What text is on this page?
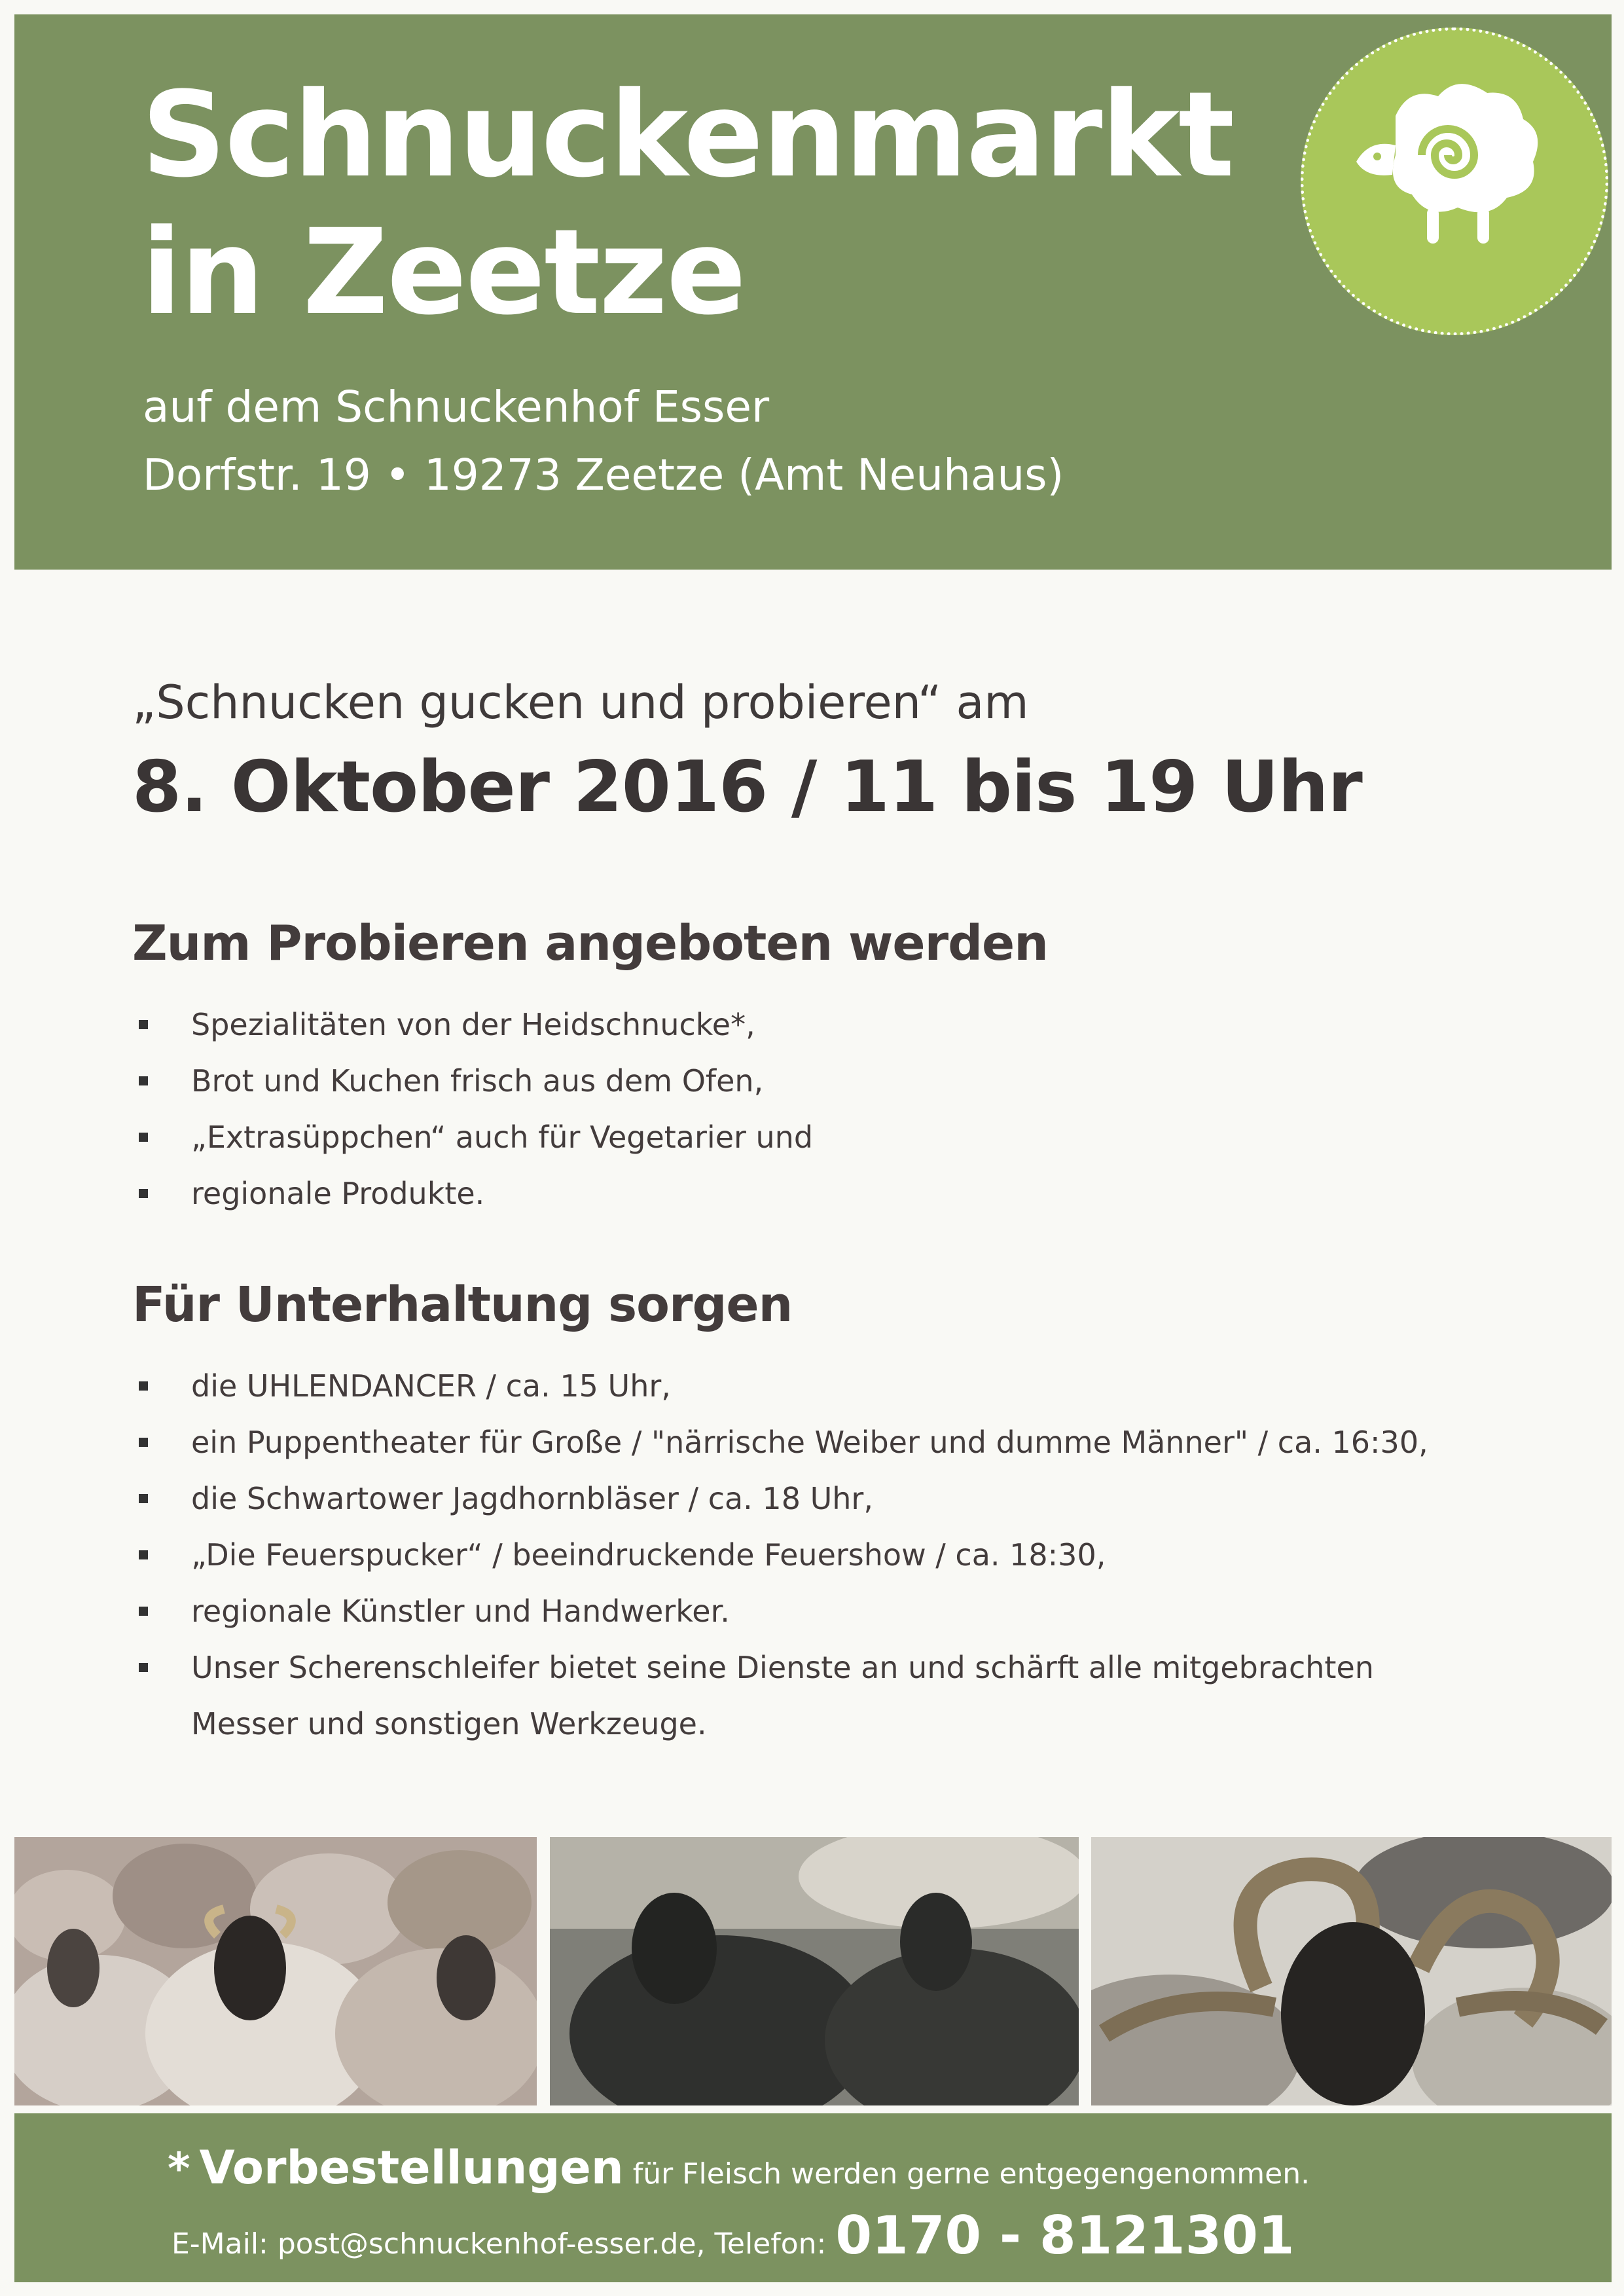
Schnuckenmarkt
in Zeetze
auf dem Schnuckenhof Esser
Dorfstr. 19 • 19273 Zeetze (Amt Neuhaus)
„Schnucken gucken und probieren“ am
8. Oktober 2016 / 11 bis 19 Uhr
Zum Probieren angeboten werden
Spezialitäten von der Heidschnucke*,
Brot und Kuchen frisch aus dem Ofen,
„Extrasüppchen“ auch für Vegetarier und
regionale Produkte.
Für Unterhaltung sorgen
die UHLENDANCER / ca. 15 Uhr,
ein Puppentheater für Große / "närrische Weiber und dumme Männer" / ca. 16:30,
die Schwartower Jagdhornbläser / ca. 18 Uhr,
„Die Feuerspucker“ / beeindruckende Feuershow / ca. 18:30,
regionale Künstler und Handwerker.
Unser Scherenschleifer bietet seine Dienste an und schärft alle mitgebrachten
Messer und sonstigen Werkzeuge.
* Vorbestellungen für Fleisch werden gerne entgegengenommen.
E-Mail: post@schnuckenhof-esser.de, Telefon: 0170 - 8121301
